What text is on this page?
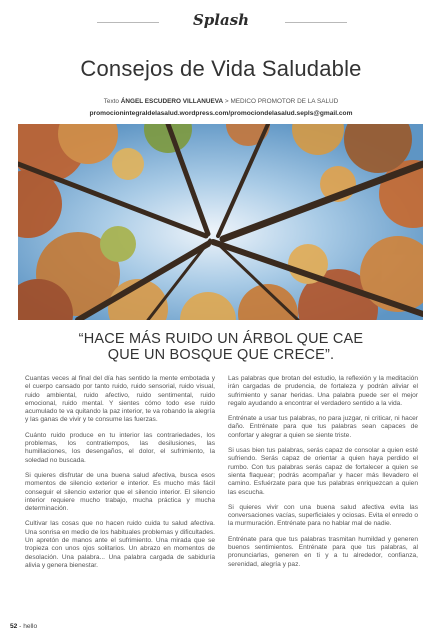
Splash
Consejos de Vida Saludable
Texto ÁNGEL ESCUDERO VILLANUEVA > MEDICO PROMOTOR DE LA SALUD
promocionintegraldelasalud.wordpress.com/promociondelasalud.sepls@gmail.com
“HACE MÁS RUIDO UN ÁRBOL QUE CAE
QUE UN BOSQUE QUE CRECE”.

Cuantas veces al final del día has sentido la mente embotada y el cuerpo cansado por tanto ruido, ruido sensorial, ruido visual, ruido ambiental, ruido afectivo, ruido sentimental, ruido emocional, ruido mental. Y sientes cómo todo ese ruido acumulado te va quitando la paz interior, te va robando la alegría y las ganas de vivir y te consume las fuerzas.

Cuánto ruido produce en tu interior las contrariedades, los problemas, los contratiempos, las desilusiones, las humillaciones, los desengaños, el dolor, el sufrimiento, la soledad no buscada.

Si quieres disfrutar de una buena salud afectiva, busca esos momentos de silencio exterior e interior. Es mucho más fácil conseguir el silencio exterior que el silencio interior. El silencio interior requiere mucho trabajo, mucha práctica y mucha determinación.

Cultivar las cosas que no hacen ruido cuida tu salud afectiva. Una sonrisa en medio de los habituales problemas y dificultades. Un apretón de manos ante el sufrimiento. Una mirada que se tropieza con unos ojos solitarios. Un abrazo en momentos de desolación. Una palabra... Una palabra cargada de sabiduría alivia y genera bienestar.

Las palabras que brotan del estudio, la reflexión y la meditación irán cargadas de prudencia, de fortaleza y podrán aliviar el sufrimiento y sanar heridas. Una palabra puede ser el mejor regalo ayudando a encontrar el verdadero sentido a la vida.

Entrénate a usar tus palabras, no para juzgar, ni criticar, ni hacer daño. Entrénate para que tus palabras sean capaces de confortar y alegrar a quien se siente triste.

Si usas bien tus palabras, serás capaz de consolar a quien esté sufriendo. Serás capaz de orientar a quien haya perdido el rumbo. Con tus palabras serás capaz de fortalecer a quien se sienta flaquear; podrás acompañar y hacer más llevadero el camino. Esfuérzate para que tus palabras enriquezcan a quien las escucha.

Si quieres vivir con una buena salud afectiva evita las conversaciones vacías, superficiales y ociosas. Evita el enredo o la murmuración. Entrénate para no hablar mal de nadie.

Entrénate para que tus palabras trasmitan humildad y generen buenos sentimientos. Entrénate para que tus palabras, al pronunciarlas, generen en ti y a tu alrededor, confianza, serenidad, alegría y paz.

52 - hello
